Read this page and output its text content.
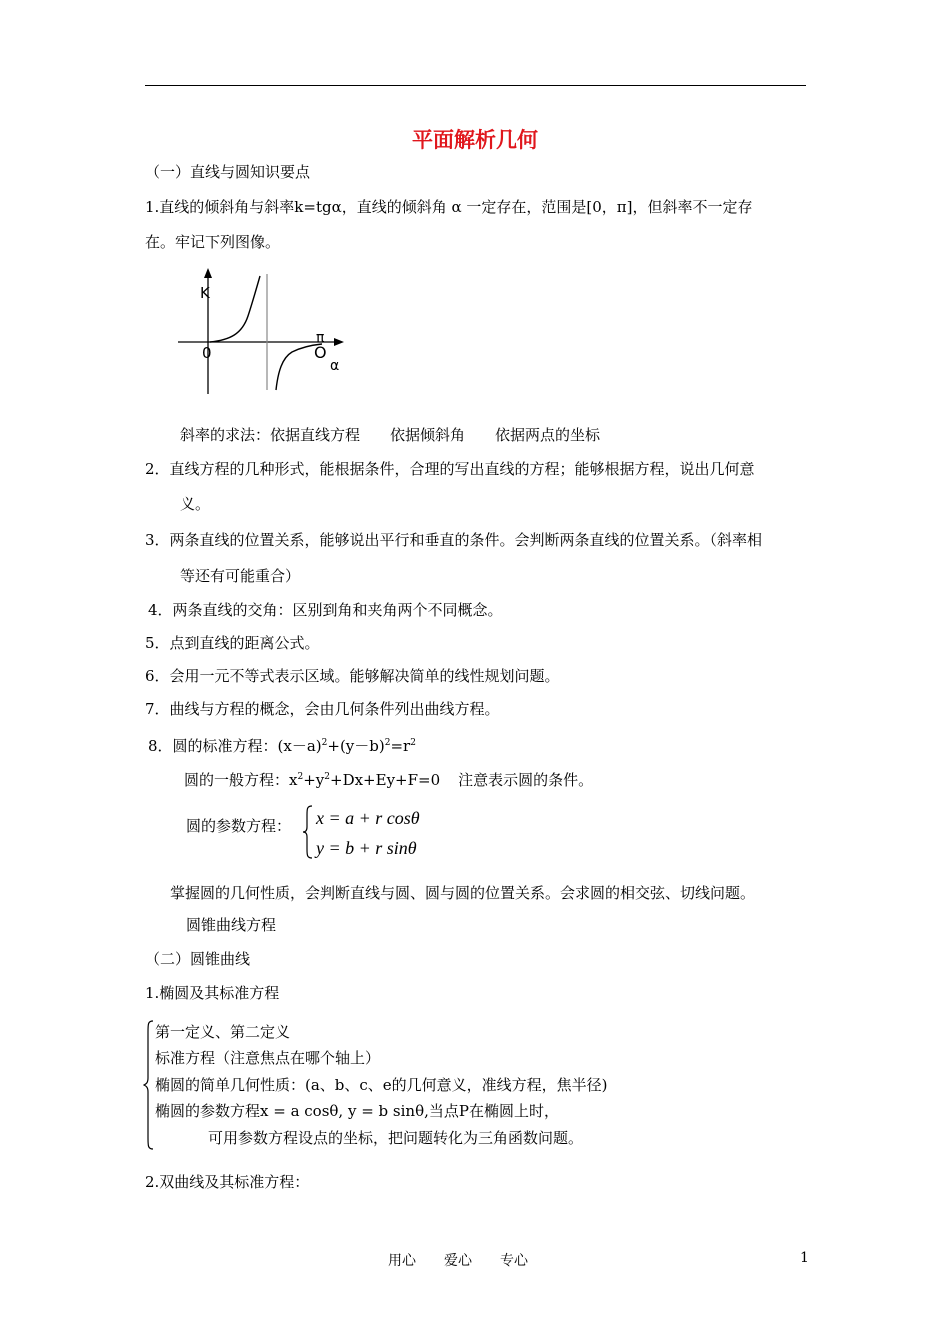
平面解析几何
（一）直线与圆知识要点
1.直线的倾斜角与斜率k=tgα，直线的倾斜角 α 一定存在，范围是[0，π]，但斜率不一定存
在。牢记下列图像。
K
0
π
O
α
斜率的求法：依据直线方程　　依据倾斜角　　依据两点的坐标
2．直线方程的几种形式，能根据条件，合理的写出直线的方程；能够根据方程，说出几何意
义。
3．两条直线的位置关系，能够说出平行和垂直的条件。会判断两条直线的位置关系。（斜率相
等还有可能重合）
4．两条直线的交角：区别到角和夹角两个不同概念。
5．点到直线的距离公式。
6．会用一元不等式表示区域。能够解决简单的线性规划问题。
7．曲线与方程的概念，会由几何条件列出曲线方程。
8．圆的标准方程：$(x-a)^2+(y-b)^2=r^2$
圆的一般方程：$x^2+y^2+Dx+Ey+F=0$ 注意表示圆的条件。
圆的参数方程： x = a + r cosθ
y = b + r sinθ
掌握圆的几何性质，会判断直线与圆、圆与圆的位置关系。会求圆的相交弦、切线问题。
圆锥曲线方程
（二）圆锥曲线
1.椭圆及其标准方程
第一定义、第二定义
标准方程（注意焦点在哪个轴上）
椭圆的简单几何性质：(a、b、c、e的几何意义，准线方程，焦半径)
椭圆的参数方程x = a cosθ, y = b sinθ,当点P在椭圆上时，
可用参数方程设点的坐标，把问题转化为三角函数问题。
2.双曲线及其标准方程：
用心　　爱心　　专心	1
